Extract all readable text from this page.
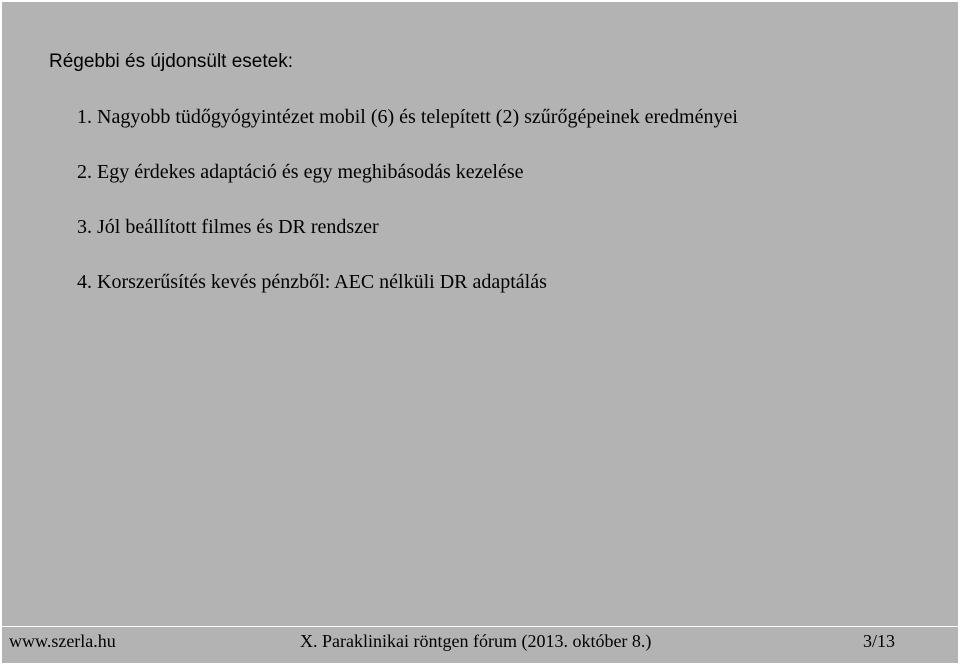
Régebbi és újdonsült esetek:
1. Nagyobb tüdőgyógyintézet mobil (6) és telepített (2) szűrőgépeinek eredményei
2. Egy érdekes adaptáció és egy meghibásodás kezelése
3. Jól beállított filmes és DR rendszer
4. Korszerűsítés kevés pénzből: AEC nélküli DR adaptálás
www.szerla.hu	X. Paraklinikai röntgen fórum (2013. október 8.)	3/13
